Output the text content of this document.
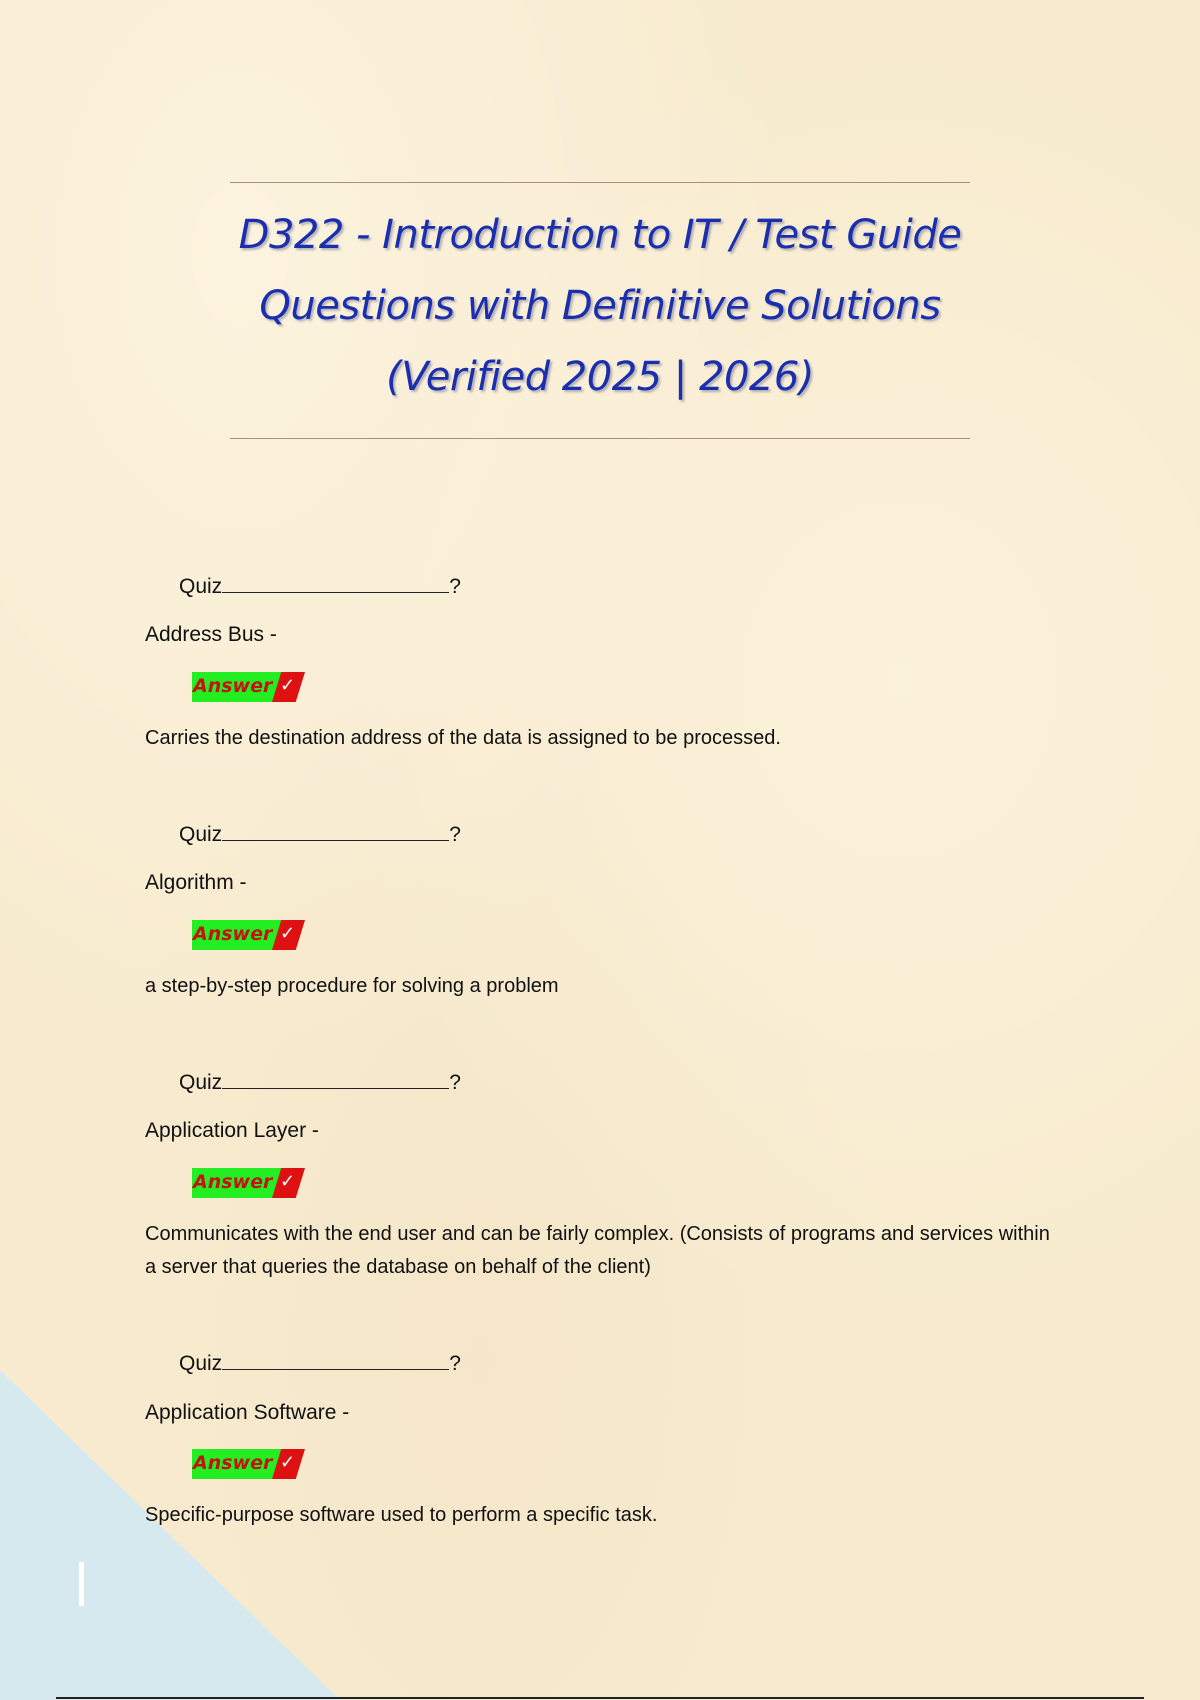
D322 - Introduction to IT / Test Guide
Questions with Definitive Solutions
(Verified 2025 | 2026)
Quiz	?
Address Bus -
Answer ✓
Carries the destination address of the data is assigned to be processed.
Quiz	?
Algorithm -
Answer ✓
a step-by-step procedure for solving a problem
Quiz	?
Application Layer -
Answer ✓
Communicates with the end user and can be fairly complex. (Consists of programs and services within a server that queries the database on behalf of the client)
Quiz	?
Application Software -
Answer ✓
Specific-purpose software used to perform a specific task.
